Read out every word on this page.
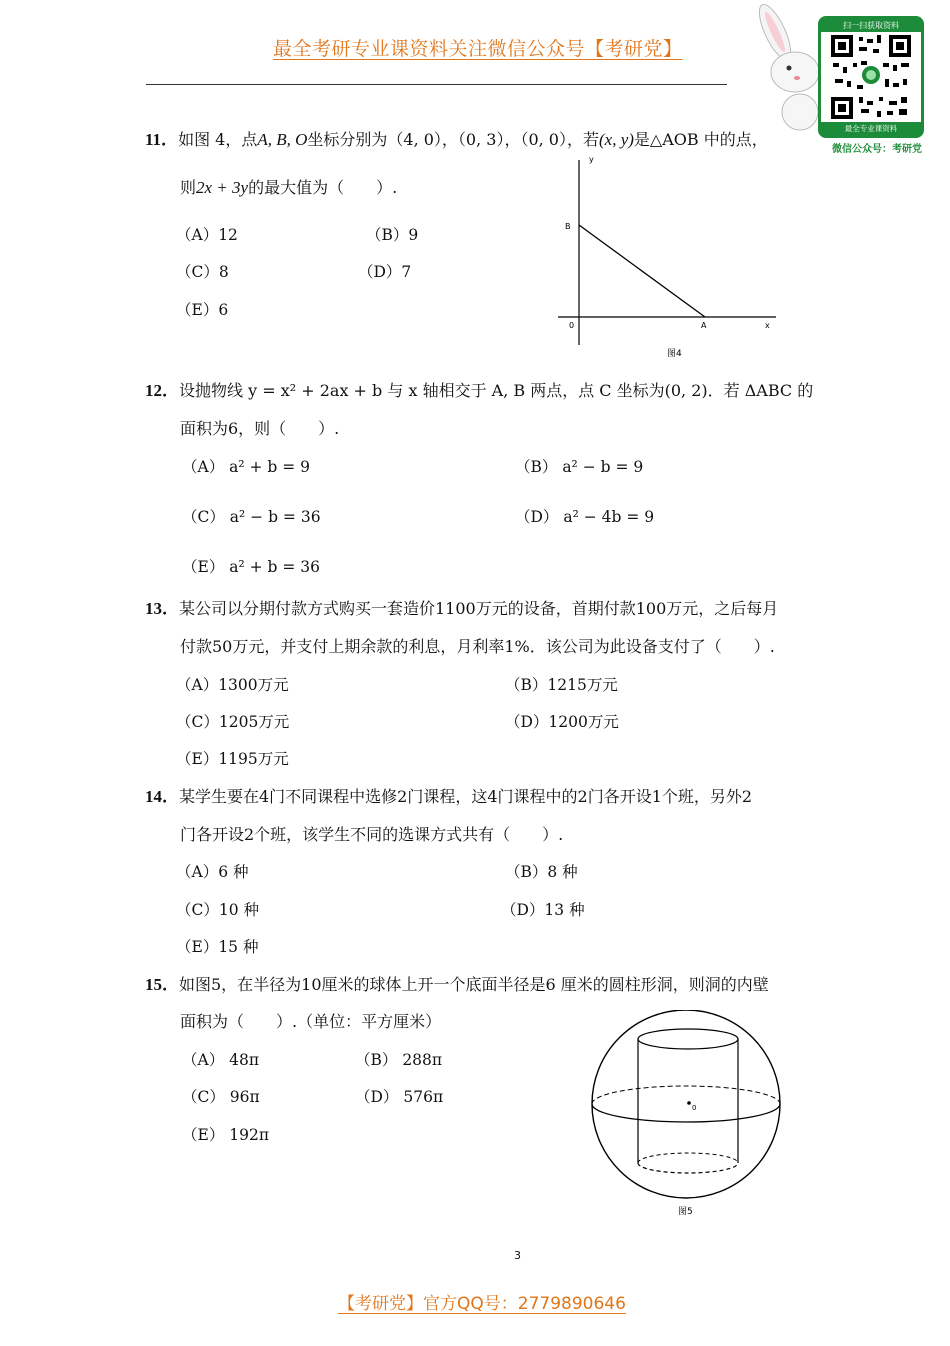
最全考研专业课资料关注微信公众号【考研党】
扫一扫获取资料
最全专业课资料
微信公众号：考研党
11．如图 4，点A, B, O坐标分别为（4, 0），（0, 3），（0, 0），若(x, y)是△AOB 中的点，
则2x + 3y的最大值为（　　）.
（A）12	（B）9
（C）8	（D）7
（E）6
y
x
B
0	A
图4
12．设抛物线 y = x² + 2ax + b 与 x 轴相交于 A, B 两点，点 C 坐标为(0, 2)．若 ΔABC 的
面积为6，则（　　）.
（A） a² + b = 9	（B） a² − b = 9
（C） a² − b = 36	（D） a² − 4b = 9
（E） a² + b = 36
13．某公司以分期付款方式购买一套造价1100万元的设备，首期付款100万元，之后每月
付款50万元，并支付上期余款的利息，月利率1%．该公司为此设备支付了（　　）.
（A）1300万元	（B）1215万元
（C）1205万元	（D）1200万元
（E）1195万元
14．某学生要在4门不同课程中选修2门课程，这4门课程中的2门各开设1个班，另外2
门各开设2个班，该学生不同的选课方式共有（　　）.
（A）6 种	（B）8 种
（C）10 种	（D）13 种
（E）15 种
15．如图5，在半径为10厘米的球体上开一个底面半径是6 厘米的圆柱形洞，则洞的内壁
面积为（　　）.（单位：平方厘米）
（A） 48π	（B） 288π
（C） 96π	（D） 576π
（E） 192π
0
图5
3
【考研党】官方QQ号：2779890646
